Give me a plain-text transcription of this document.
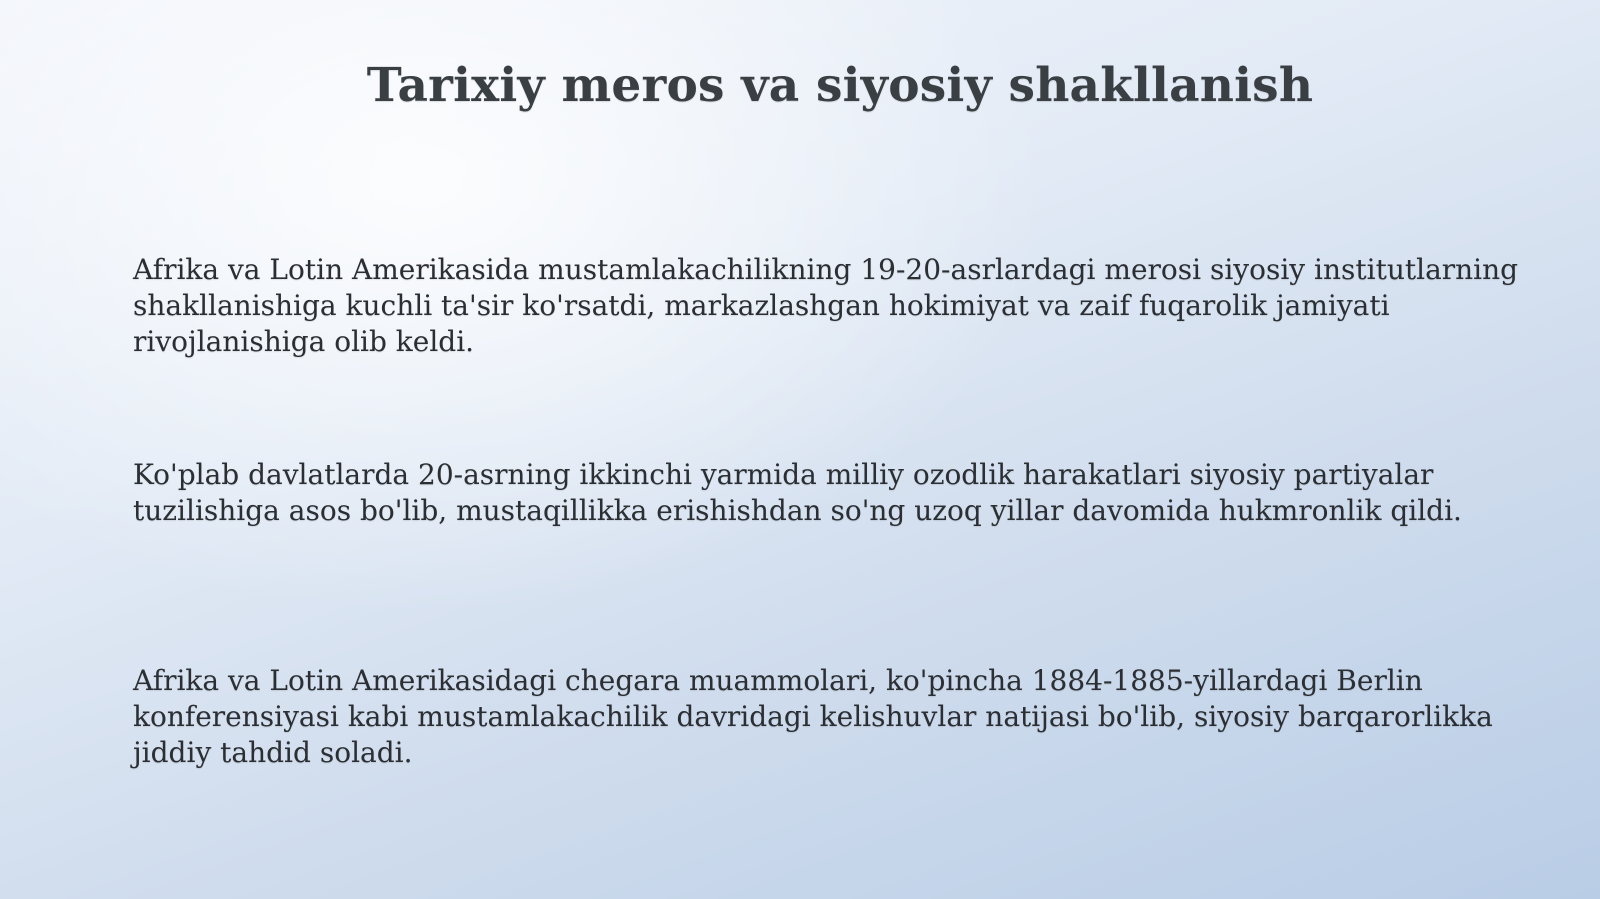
Tarixiy meros va siyosiy shakllanish

Afrika va Lotin Amerikasida mustamlakachilikning 19-20-asrlardagi merosi siyosiy institutlarning shakllanishiga kuchli ta'sir ko'rsatdi, markazlashgan hokimiyat va zaif fuqarolik jamiyati rivojlanishiga olib keldi.

Ko'plab davlatlarda 20-asrning ikkinchi yarmida milliy ozodlik harakatlari siyosiy partiyalar tuzilishiga asos bo'lib, mustaqillikka erishishdan so'ng uzoq yillar davomida hukmronlik qildi.

Afrika va Lotin Amerikasidagi chegara muammolari, ko'pincha 1884-1885-yillardagi Berlin konferensiyasi kabi mustamlakachilik davridagi kelishuvlar natijasi bo'lib, siyosiy barqarorlikka jiddiy tahdid soladi.
